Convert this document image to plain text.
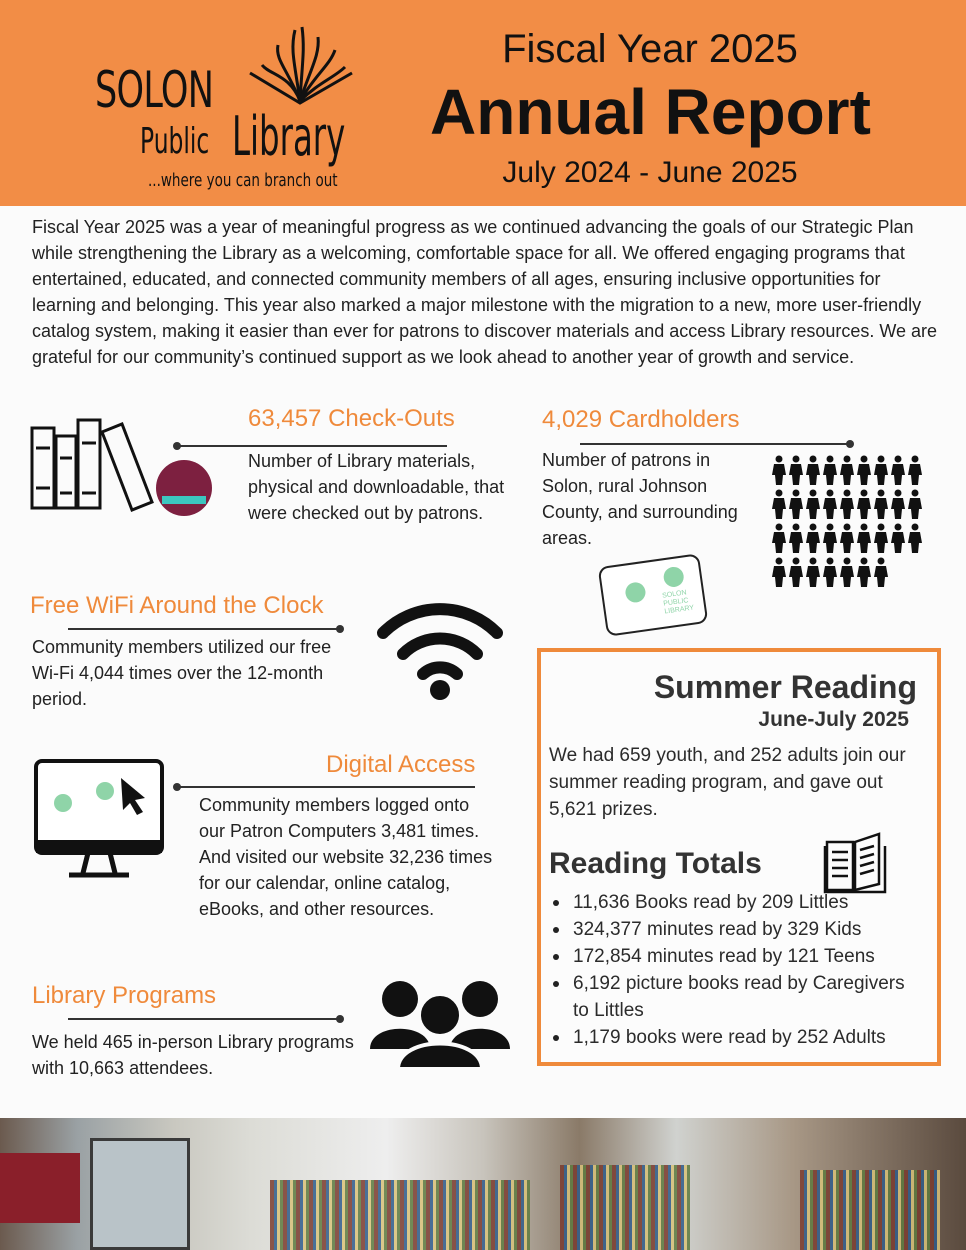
SOLON
Public Library
...where you can branch out
Fiscal Year 2025
Annual Report
July 2024 - June 2025

Fiscal Year 2025 was a year of meaningful progress as we continued advancing the goals of our Strategic Plan while strengthening the Library as a welcoming, comfortable space for all. We offered engaging programs that entertained, educated, and connected community members of all ages, ensuring inclusive opportunities for learning and belonging. This year also marked a major milestone with the migration to a new, more user-friendly catalog system, making it easier than ever for patrons to discover materials and access Library resources. We are grateful for our community’s continued support as we look ahead to another year of growth and service.

63,457 Check-Outs

Number of Library materials, physical and downloadable, that were checked out by patrons.

4,029 Cardholders

Number of patrons in Solon, rural Johnson County, and surrounding areas.

SOLON PUBLIC LIBRARY
Free WiFi Around the Clock

Community members utilized our free Wi-Fi 4,044 times over the 12-month period.

Digital Access

Community members logged onto our Patron Computers 3,481 times. And visited our website 32,236 times for our calendar, online catalog, eBooks, and other resources.

Library Programs

We held 465 in-person Library programs with 10,663 attendees.

Summer Reading
June-July 2025

We had 659 youth, and 252 adults join our summer reading program, and gave out 5,621 prizes.

Reading Totals
11,636 Books read by 209 Littles
324,377 minutes read by 329 Kids
172,854 minutes read by 121 Teens
6,192 picture books read by Caregivers to Littles
1,179 books were read by 252 Adults
